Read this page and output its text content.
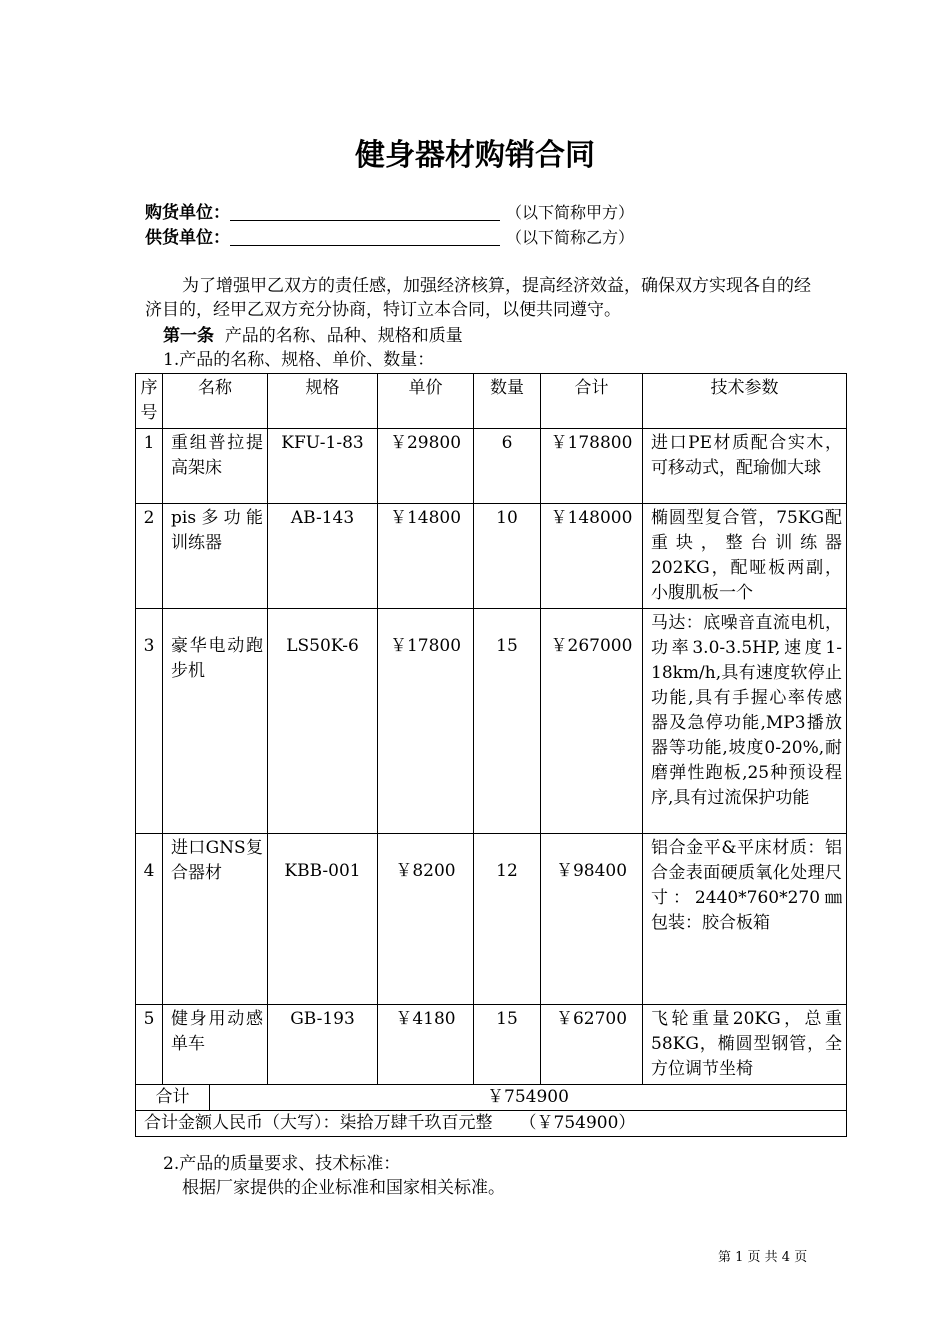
健身器材购销合同
购货单位：	（以下简称甲方）
供货单位：	（以下简称乙方）
为了增强甲乙双方的责任感，加强经济核算，提高经济效益，确保双方实现各自的经济目的，经甲乙双方充分协商，特订立本合同，以便共同遵守。
第一条 产品的名称、品种、规格和质量
1.产品的名称、规格、单价、数量：
序号	名称		规格	单价	数量	合计	技术参数
1	重组普拉提高架床		KFU-1-83	￥29800	6	￥178800	进口PE材质配合实木，可移动式，配瑜伽大球
2	pis多功能训练器		AB-143	￥14800	10	￥148000	椭圆型复合管，75KG配重块，整台训练器202KG，配哑板两副，小腹肌板一个
3	豪华电动跑步机		LS50K-6	￥17800	15	￥267000	马达：底噪音直流电机，功率3.0-3.5HP,速度1-18km/h,具有速度软停止功能,具有手握心率传感器及急停功能,MP3播放器等功能,坡度0-20%,耐磨弹性跑板,25种预设程序,具有过流保护功能
4	进口GNS复合器材		KBB-001	￥8200	12	￥98400	铝合金平&平床材质：铝合金表面硬质氧化处理尺寸：2440*760*270㎜包装：胶合板箱
5	健身用动感单车		GB-193	￥4180	15	￥62700	飞轮重量20KG，总重58KG，椭圆型钢管，全方位调节坐椅
合计		￥754900					
合计金额人民币（大写）：柒拾万肆千玖百元整 （￥754900）							
2.产品的质量要求、技术标准：
根据厂家提供的企业标准和国家相关标准。
第 1 页 共 4 页
